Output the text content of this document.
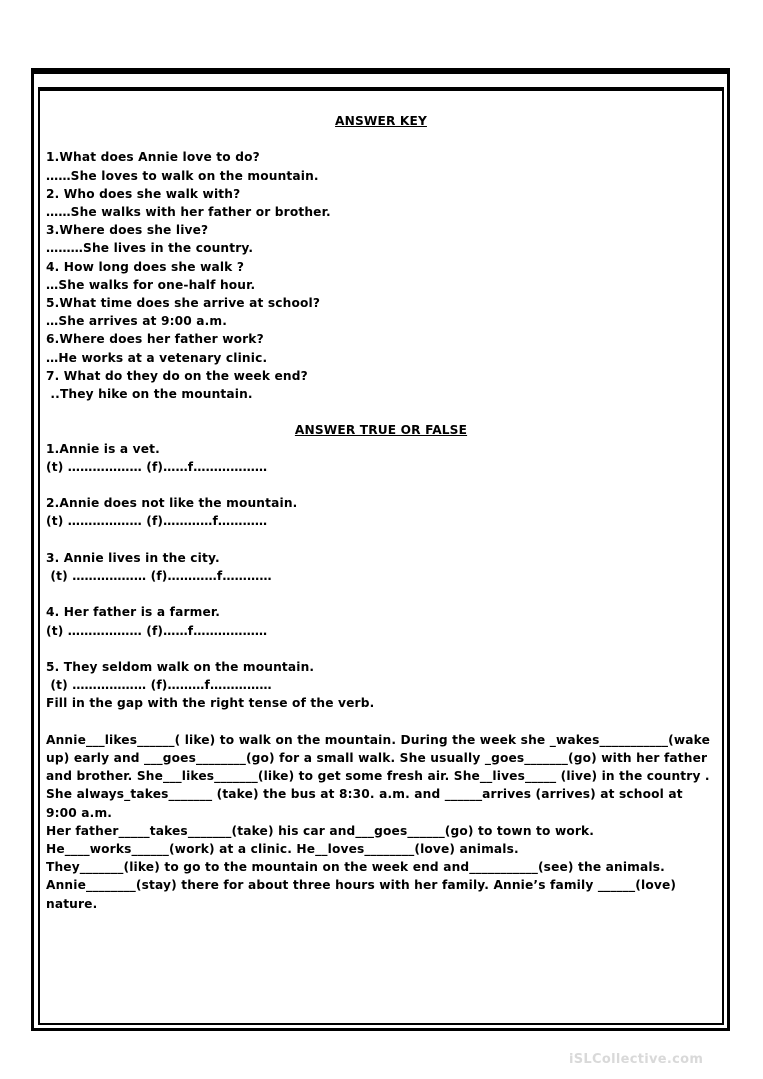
ANSWER KEY
1.What does Annie love to do?
……She loves to walk on the mountain.
2. Who does she walk with?
……She walks with her father or brother.
3.Where does she live?
………She lives in the country.
4. How long does she walk ?
…She walks for one-half hour.
5.What time does she arrive at school?
…She arrives at 9:00 a.m.
6.Where does her father work?
…He works at a vetenary clinic.
7. What do they do on the week end?
..They hike on the mountain.
ANSWER TRUE OR FALSE
1.Annie is a vet.
(t) ……………… (f)……f………………
2.Annie does not like the mountain.
(t) ……………… (f)…………f…………
3. Annie lives in the city.
(t) ……………… (f)…………f…………
4. Her father is a farmer.
(t) ……………… (f)……f………………
5. They seldom walk on the mountain.
(t) ……………… (f)………f……………
Fill in the gap with the right tense of the verb.
Annie___likes______( like) to walk on the mountain. During the week she _wakes___________(wake up) early and ___goes________(go) for a small walk. She usually _goes_______(go) with her father and brother. She___likes_______(like) to get some fresh air. She__lives_____ (live) in the country .
She always_takes_______ (take) the bus at 8:30. a.m. and ______arrives (arrives) at school at 9:00 a.m.
Her father_____takes_______(take) his car and___goes______(go) to town to work.
He____works______(work) at a clinic. He__loves________(love) animals.
They_______(like) to go to the mountain on the week end and___________(see) the animals.
Annie________(stay) there for about three hours with her family. Annie’s family ______(love) nature.
iSLCollective.com
